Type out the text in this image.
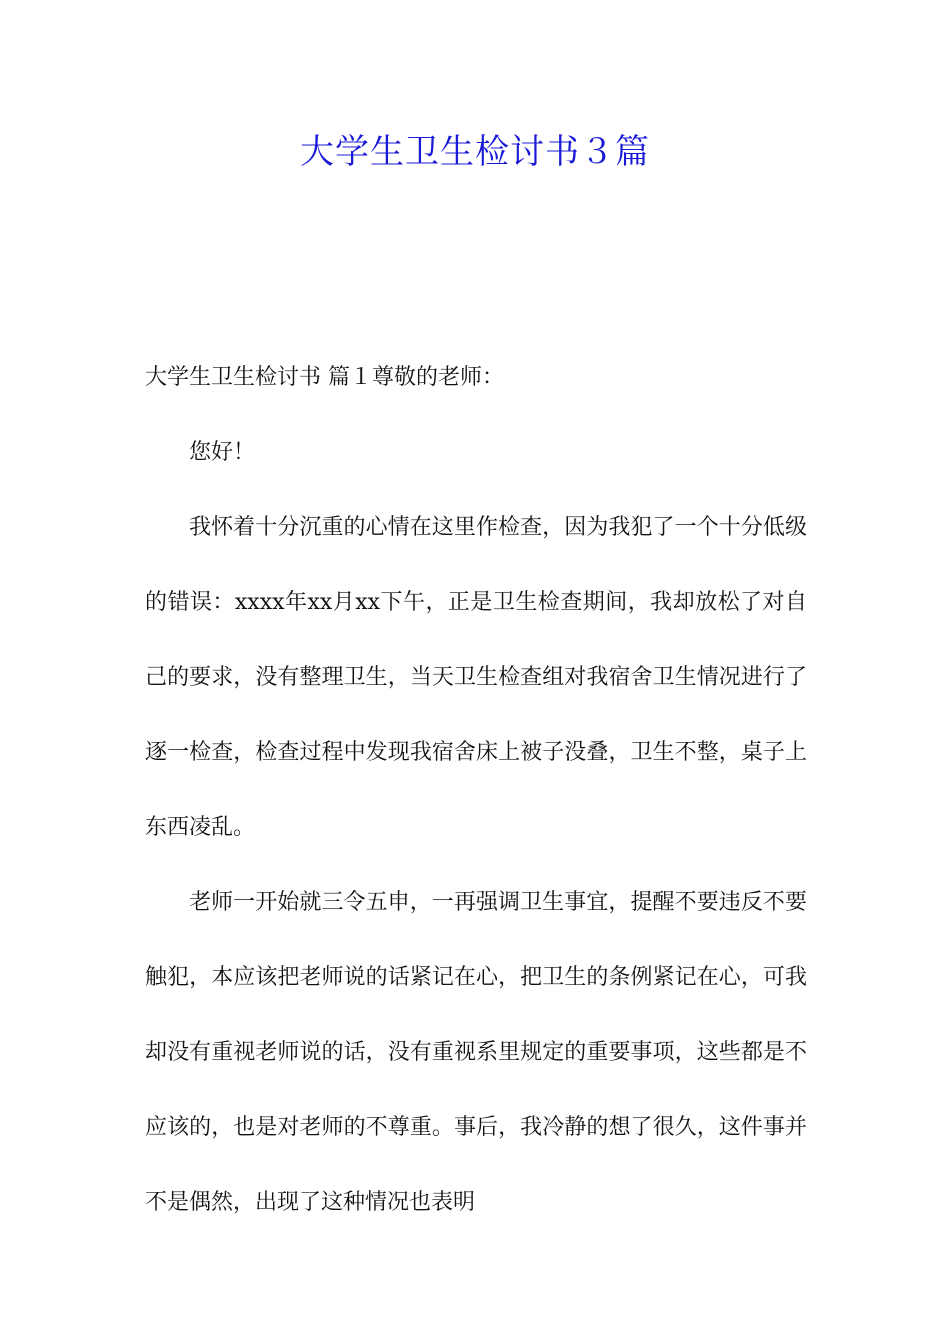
大学生卫生检讨书３篇

大学生卫生检讨书 篇１尊敬的老师：

您好！

我怀着十分沉重的心情在这里作检查，因为我犯了一个十分低级的错误：xxxx年xx月xx下午，正是卫生检查期间，我却放松了对自己的要求，没有整理卫生，当天卫生检查组对我宿舍卫生情况进行了逐一检查，检查过程中发现我宿舍床上被子没叠，卫生不整，桌子上东西凌乱。

老师一开始就三令五申，一再强调卫生事宜，提醒不要违反不要触犯，本应该把老师说的话紧记在心，把卫生的条例紧记在心，可我却没有重视老师说的话，没有重视系里规定的重要事项，这些都是不应该的，也是对老师的不尊重。事后，我冷静的想了很久，这件事并不是偶然，出现了这种情况也表明
